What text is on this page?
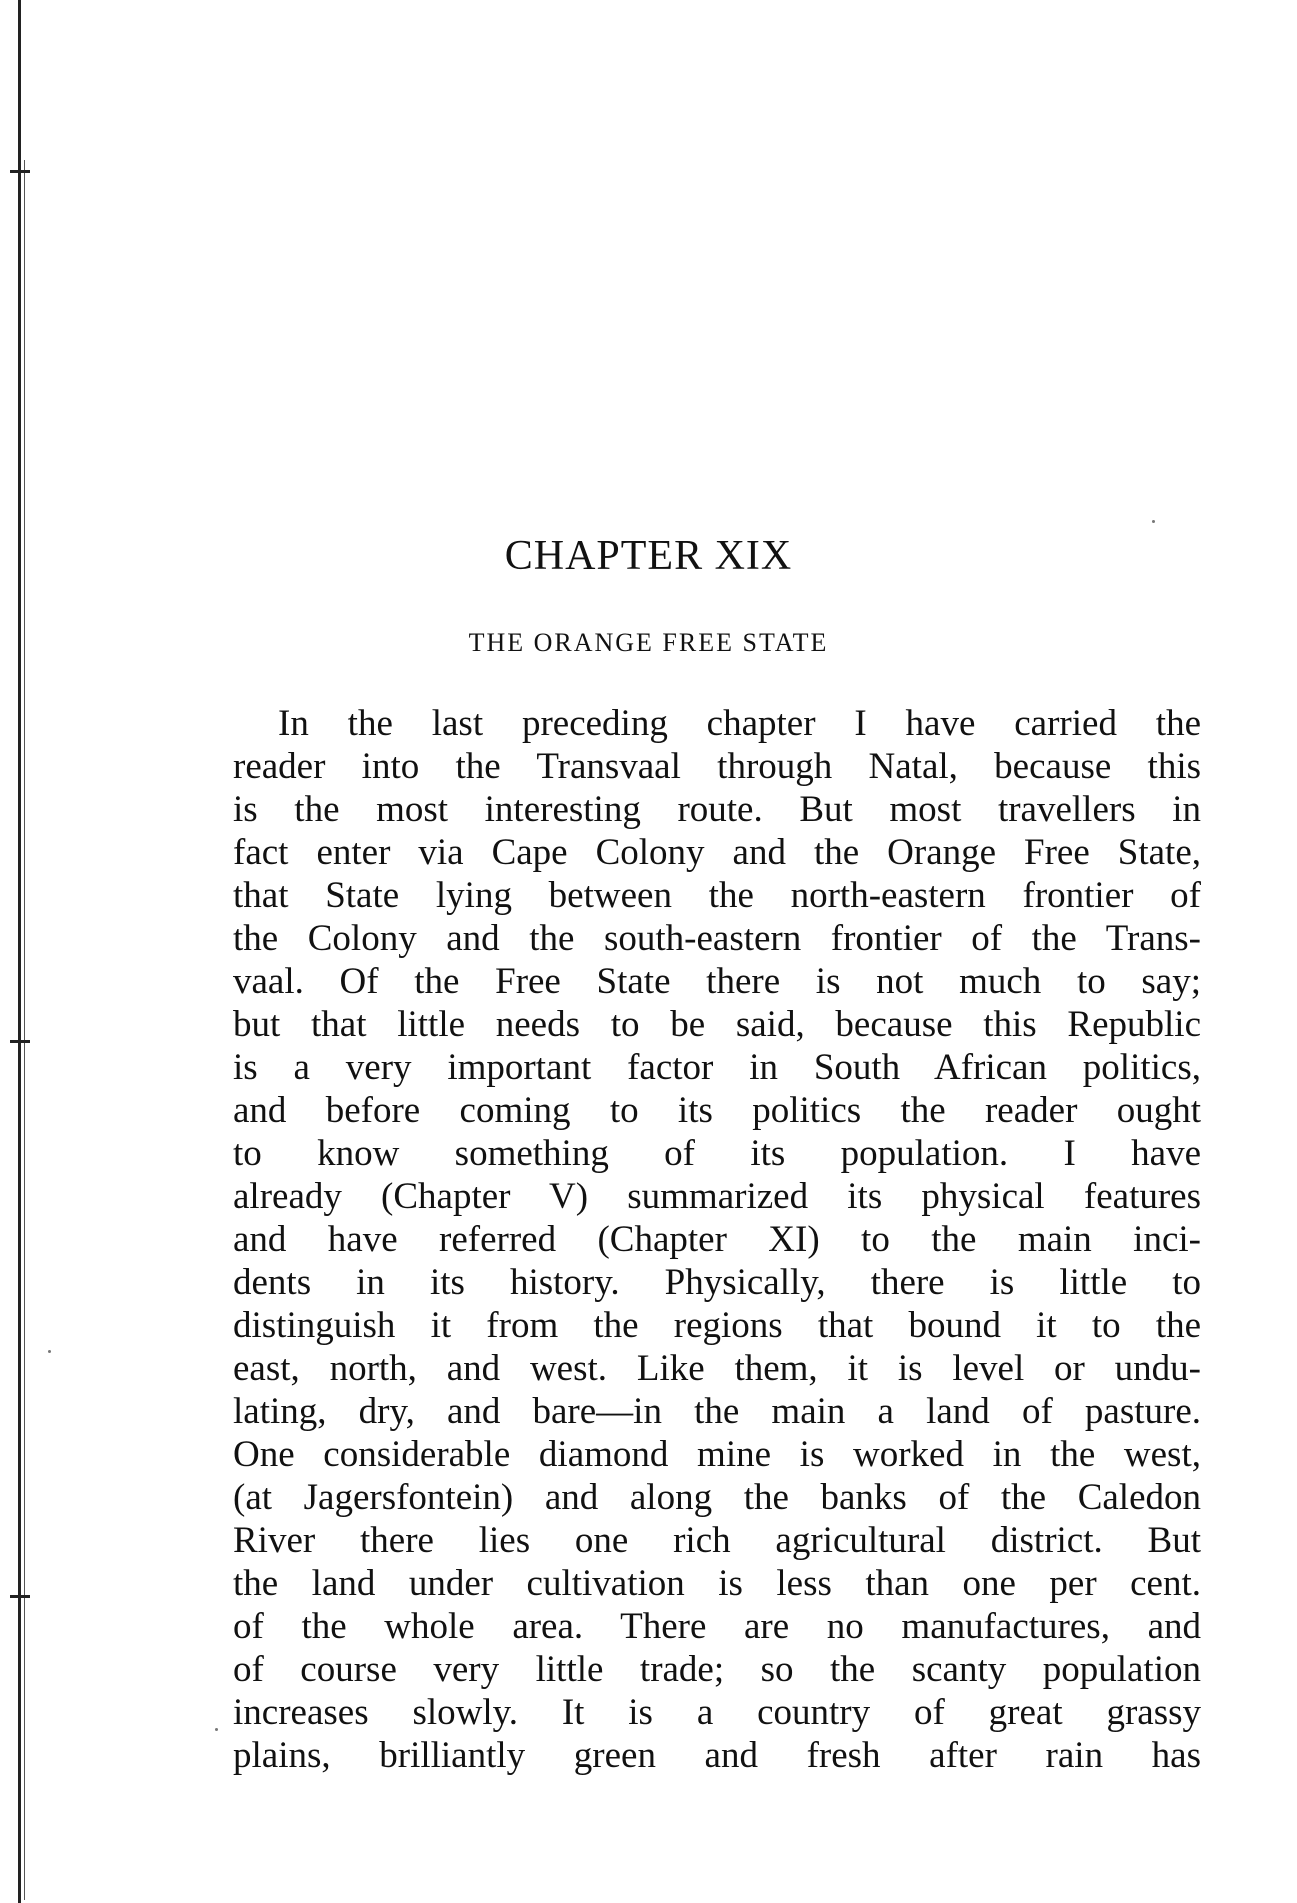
CHAPTER XIX
THE ORANGE FREE STATE
In the last preceding chapter I have carried the
reader into the Transvaal through Natal, because this
is the most interesting route. But most travellers in
fact enter via Cape Colony and the Orange Free State,
that State lying between the north-eastern frontier of
the Colony and the south-eastern frontier of the Trans-
vaal. Of the Free State there is not much to say;
but that little needs to be said, because this Republic
is a very important factor in South African politics,
and before coming to its politics the reader ought
to know something of its population. I have
already (Chapter V) summarized its physical features
and have referred (Chapter XI) to the main inci-
dents in its history. Physically, there is little to
distinguish it from the regions that bound it to the
east, north, and west. Like them, it is level or undu-
lating, dry, and bare—in the main a land of pasture.
One considerable diamond mine is worked in the west,
(at Jagersfontein) and along the banks of the Caledon
River there lies one rich agricultural district. But
the land under cultivation is less than one per cent.
of the whole area. There are no manufactures, and
of course very little trade; so the scanty population
increases slowly. It is a country of great grassy
plains, brilliantly green and fresh after rain has
